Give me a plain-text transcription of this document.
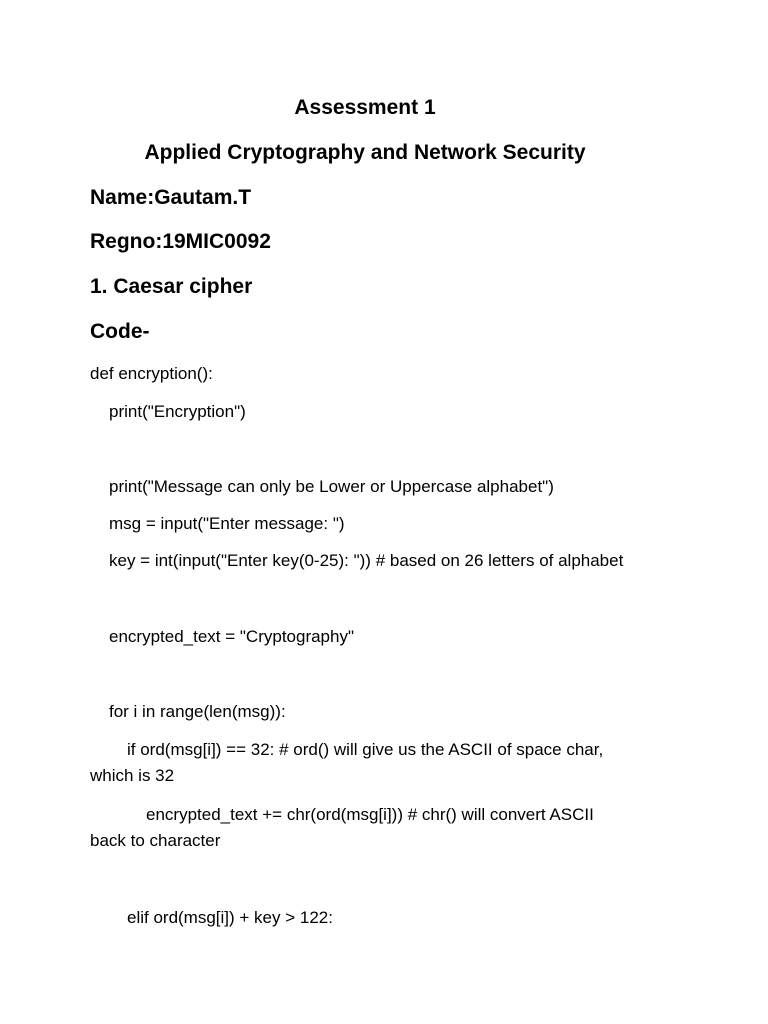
Assessment 1
Applied Cryptography and Network Security
Name:Gautam.T
Regno:19MIC0092
1. Caesar cipher
Code-
def encryption():
print("Encryption")
print("Message can only be Lower or Uppercase alphabet")
msg = input("Enter message: ")
key = int(input("Enter key(0-25): ")) # based on 26 letters of alphabet
encrypted_text = "Cryptography"
for i in range(len(msg)):
if ord(msg[i]) == 32: # ord() will give us the ASCII of space char,
which is 32
encrypted_text += chr(ord(msg[i])) # chr() will convert ASCII
back to character
elif ord(msg[i]) + key > 122:
